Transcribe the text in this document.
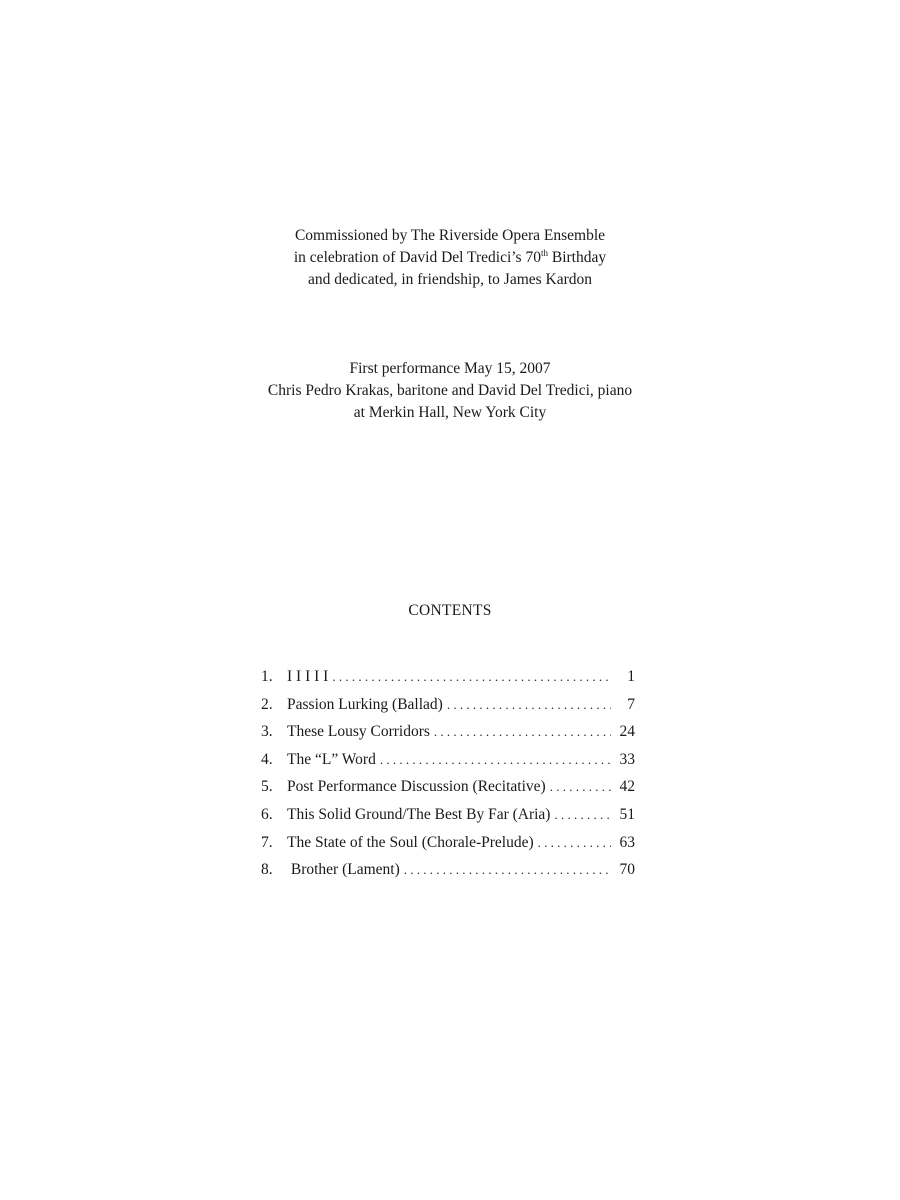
Commissioned by The Riverside Opera Ensemble
in celebration of David Del Tredici’s 70th Birthday
and dedicated, in friendship, to James Kardon
First performance May 15, 2007
Chris Pedro Krakas, baritone and David Del Tredici, piano
at Merkin Hall, New York City
CONTENTS
1. I I I I I . . .	1
2. Passion Lurking (Ballad) . . .	7
3. These Lousy Corridors . . .	24
4. The “L” Word . . .	33
5. Post Performance Discussion (Recitative) . . .	42
6. This Solid Ground/The Best By Far (Aria) . . .	51
7. The State of the Soul (Chorale-Prelude) . . .	63
8. Brother (Lament) . . .	70
